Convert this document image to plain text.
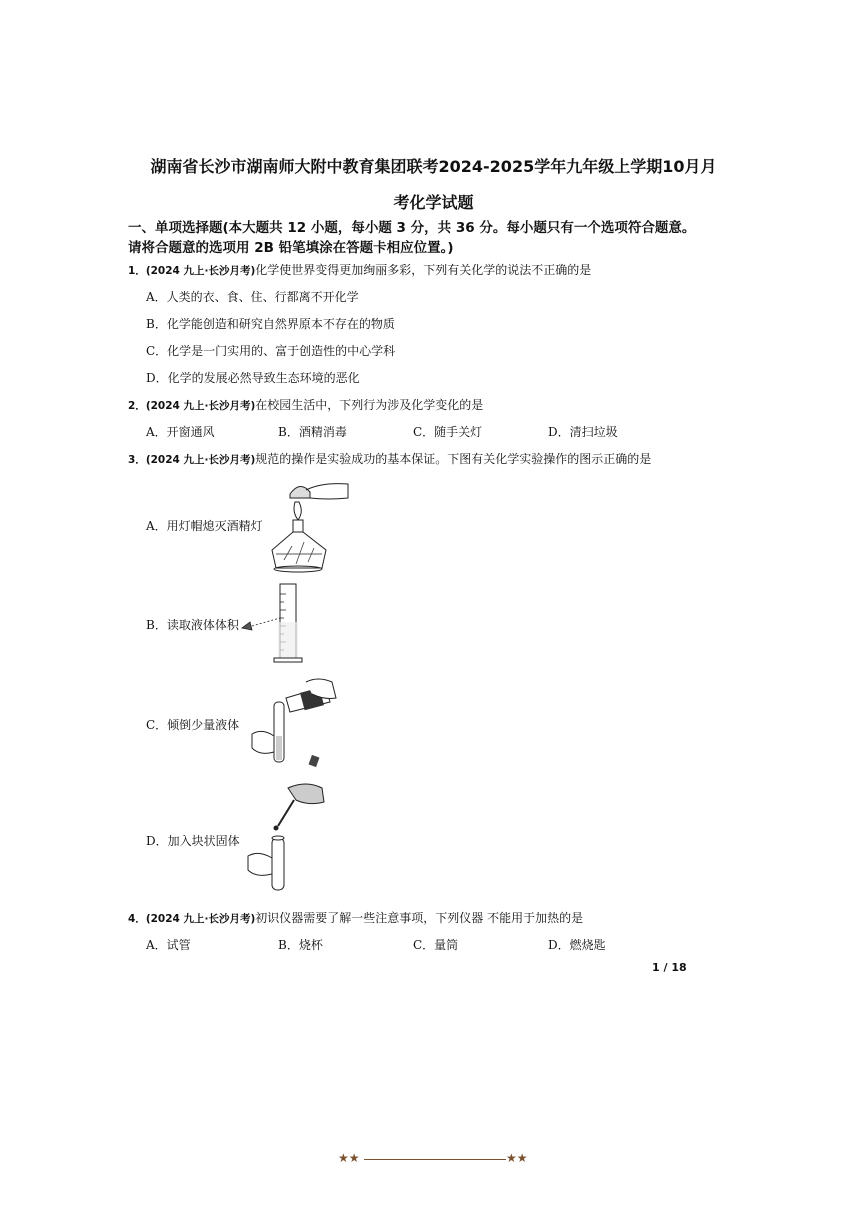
湖南省长沙市湖南师大附中教育集团联考2024-2025学年九年级上学期10月月
考化学试题
一、单项选择题(本大题共 12 小题，每小题 3 分，共 36 分。每小题只有一个选项符合题意。
请将合题意的选项用 2B 铅笔填涂在答题卡相应位置。)
1．(2024 九上·长沙月考)化学使世界变得更加绚丽多彩，下列有关化学的说法不正确的是
A．人类的衣、食、住、行都离不开化学
B．化学能创造和研究自然界原本不存在的物质
C．化学是一门实用的、富于创造性的中心学科
D．化学的发展必然导致生态环境的恶化
2．(2024 九上·长沙月考)在校园生活中，下列行为涉及化学变化的是
A．开窗通风	B．酒精消毒	C．随手关灯	D．清扫垃圾
3．(2024 九上·长沙月考)规范的操作是实验成功的基本保证。下图有关化学实验操作的图示正确的是
A．用灯帽熄灭酒精灯
B．读取液体体积
C．倾倒少量液体
D．加入块状固体
4．(2024 九上·长沙月考)初识仪器需要了解一些注意事项，下列仪器 不能用于加热的是
A．试管	B．烧杯	C．量筒	D．燃烧匙
1 / 18
★★	★★
